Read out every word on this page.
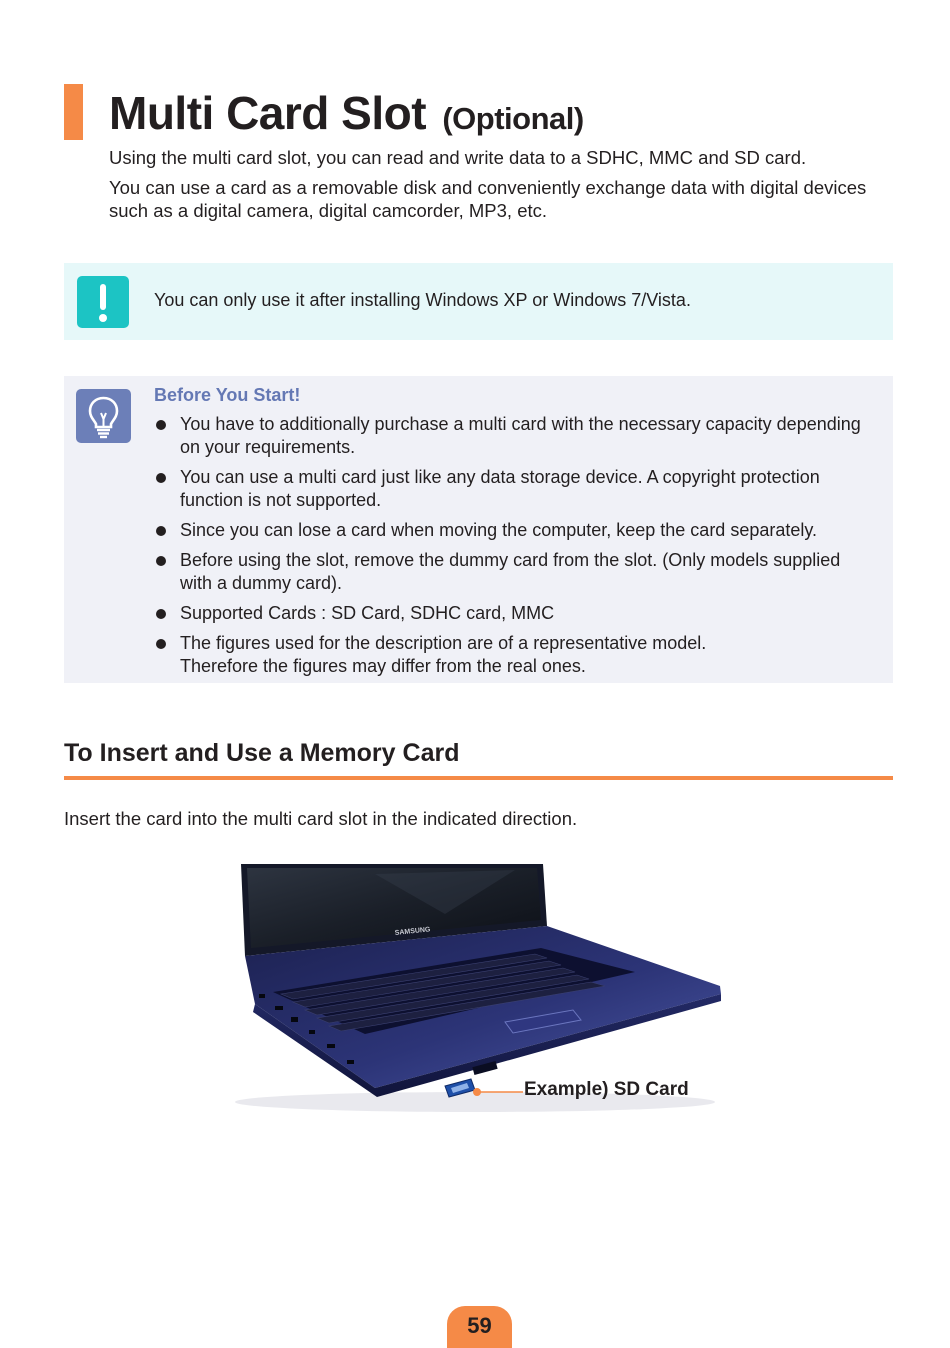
Multi Card Slot (Optional)

Using the multi card slot, you can read and write data to a SDHC, MMC and SD card.

You can use a card as a removable disk and conveniently exchange data with digital devices such as a digital camera, digital camcorder, MP3, etc.

You can only use it after installing Windows XP or Windows 7/Vista.
Before You Start!
You have to additionally purchase a multi card with the necessary capacity depending on your requirements.
You can use a multi card just like any data storage device. A copyright protection function is not supported.
Since you can lose a card when moving the computer, keep the card separately.
Before using the slot, remove the dummy card from the slot. (Only models supplied with a dummy card).
Supported Cards : SD Card, SDHC card, MMC
The figures used for the description are of a representative model.
Therefore the figures may differ from the real ones.
To Insert and Use a Memory Card
Insert the card into the multi card slot in the indicated direction.
SAMSUNG
Example) SD Card
59
